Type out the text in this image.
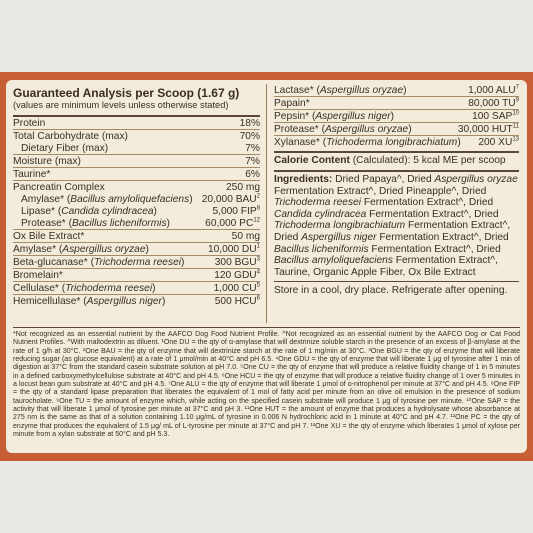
Guaranteed Analysis per Scoop (1.67 g)
(values are minimum levels unless otherwise stated)
Protein	18%
Total Carbohydrate (max)	70%
Dietary Fiber (max)	7%
Moisture (max)	7%
Taurine*	6%
Pancreatin Complex	250 mg
Amylase* (Bacillus amyloliquefaciens) 20,000 BAU$^2$
Lipase* (Candida cylindracea)	5,000 FIP$^8$
Protease* (Bacillus licheniformis)	60,000 PC$^{12}$
Ox Bile Extract*	50 mg
Amylase* (Aspergillus oryzae)	10,000 $DU^1$
Beta-glucanase* (Trichoderma reesei)	300 BGU$^3$
Bromelain*	120 GDU$^4$
Cellulase* (Trichoderma reesei)	1,000 $CU^5$
Hemicellulase* (Aspergillus niger)	500 HCU$^6$
Lactase* (Aspergillus oryzae)	1,000 ALU$^7$
Papain*	80,000 $TU^9$
Pepsin* (Aspergillus niger)	100 SAP$^{10}$
Protease* (Aspergillus oryzae)	30,000 HUT$^{11}$
Xylanase* (Trichoderma longibrachiatum) 200 XU$^{13}$
Calorie Content (Calculated): 5 kcal ME per scoop
Ingredients: Dried Papaya^, Dried Aspergillus oryzae Fermentation Extract^, Dried Pineapple^, Dried Trichoderma reesei Fermentation Extract^, Dried Candida cylindracea Fermentation Extract^, Dried Trichoderma longibrachiatum Fermentation Extract^, Dried Aspergillus niger Fermentation Extract^, Dried Bacillus licheniformis Fermentation Extract^, Dried Bacillus amyloliquefaciens Fermentation Extract^, Taurine, Organic Apple Fiber, Ox Bile Extract
Store in a cool, dry place. Refrigerate after opening.
*Not recognized as an essential nutrient by the AAFCO Dog Food Nutrient Profile. ^Not recognized as an essential nutrient by the AAFCO Dog or Cat Food Nutrient Profiles. ^With maltodextrin as diluent. ¹One DU = the qty of α-amylase that will dextrinize soluble starch in the presence of an excess of β-amylase at the rate of 1 g/h at 30°C. ²One BAU = the qty of enzyme that will dextrinize starch at the rate of 1 mg/min at 30°C. ³One BGU = the qty of enzyme that will liberate reducing sugar (as glucose equivalent) at a rate of 1 μmol/min at 40°C and pH 6.5. ⁴One GDU = the qty of enzyme that will liberate 1 μg of tyrosine after 1 min of digestion at 37°C from the standard casein substrate solution at pH 7.0. ⁵One CU = the qty of enzyme that will produce a relative fluidity change of 1 in 5 minutes in a defined carboxymethylcellulose substrate at 40°C and pH 4.5. ⁶One HCU = the qty of enzyme that will produce a relative fluidity change of 1 over 5 minutes in a locust bean gum substrate at 40°C and pH 4.5. ⁷One ALU = the qty of enzyme that will liberate 1 μmol of o-nitrophenol per minute at 37°C and pH 4.5. ⁸One FIP = the qty of a standard lipase preparation that liberates the equivalent of 1 mol of fatty acid per minute from an olive oil emulsion in the presence of sodium taurocholate. ⁹One TU = the amount of enzyme which, while acting on the specified casein substrate will produce 1 μg of tyrosine per minute. ¹⁰One SAP = the activity that will liberate 1 μmol of tyrosine per minute at 37°C and pH 3. ¹¹One HUT = the amount of enzyme that produces a hydrolysate whose absorbance at 275 nm is the same as that of a solution containing 1.10 μg/mL of tyrosine in 0.006 N hydrochloric acid in 1 minute at 40°C and pH 4.7. ¹²One PC = the qty of enzyme that produces the equivalent of 1.5 μg/ mL of L-tyrosine per minute at 37°C and pH 7. ¹³One XU = the qty of enzyme which liberates 1 μmol of xylose per minute from a xylan substrate at 50°C and pH 5.3.
